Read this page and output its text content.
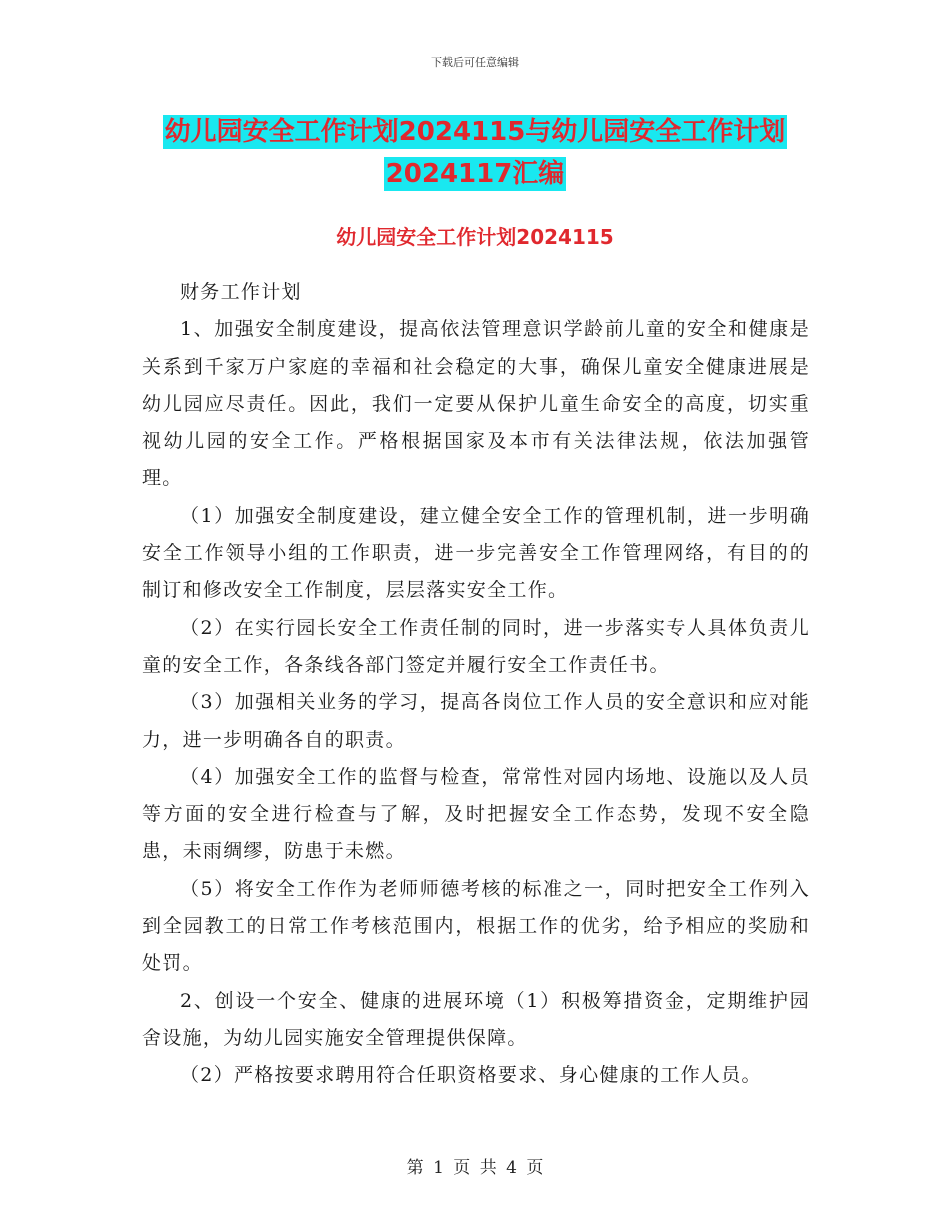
下载后可任意编辑
幼儿园安全工作计划2024115与幼儿园安全工作计划
2024117汇编
幼儿园安全工作计划2024115

财务工作计划

1、加强安全制度建设，提高依法管理意识学龄前儿童的安全和健康是关系到千家万户家庭的幸福和社会稳定的大事，确保儿童安全健康进展是幼儿园应尽责任。因此，我们一定要从保护儿童生命安全的高度，切实重视幼儿园的安全工作。严格根据国家及本市有关法律法规，依法加强管理。

（1）加强安全制度建设，建立健全安全工作的管理机制，进一步明确安全工作领导小组的工作职责，进一步完善安全工作管理网络，有目的的制订和修改安全工作制度，层层落实安全工作。

（2）在实行园长安全工作责任制的同时，进一步落实专人具体负责儿童的安全工作，各条线各部门签定并履行安全工作责任书。

（3）加强相关业务的学习，提高各岗位工作人员的安全意识和应对能力，进一步明确各自的职责。

（4）加强安全工作的监督与检查，常常性对园内场地、设施以及人员等方面的安全进行检查与了解，及时把握安全工作态势，发现不安全隐患，未雨绸缪，防患于未燃。

（5）将安全工作作为老师师德考核的标准之一，同时把安全工作列入到全园教工的日常工作考核范围内，根据工作的优劣，给予相应的奖励和处罚。

2、创设一个安全、健康的进展环境（1）积极筹措资金，定期维护园舍设施，为幼儿园实施安全管理提供保障。

（2）严格按要求聘用符合任职资格要求、身心健康的工作人员。

第 1 页 共 4 页
